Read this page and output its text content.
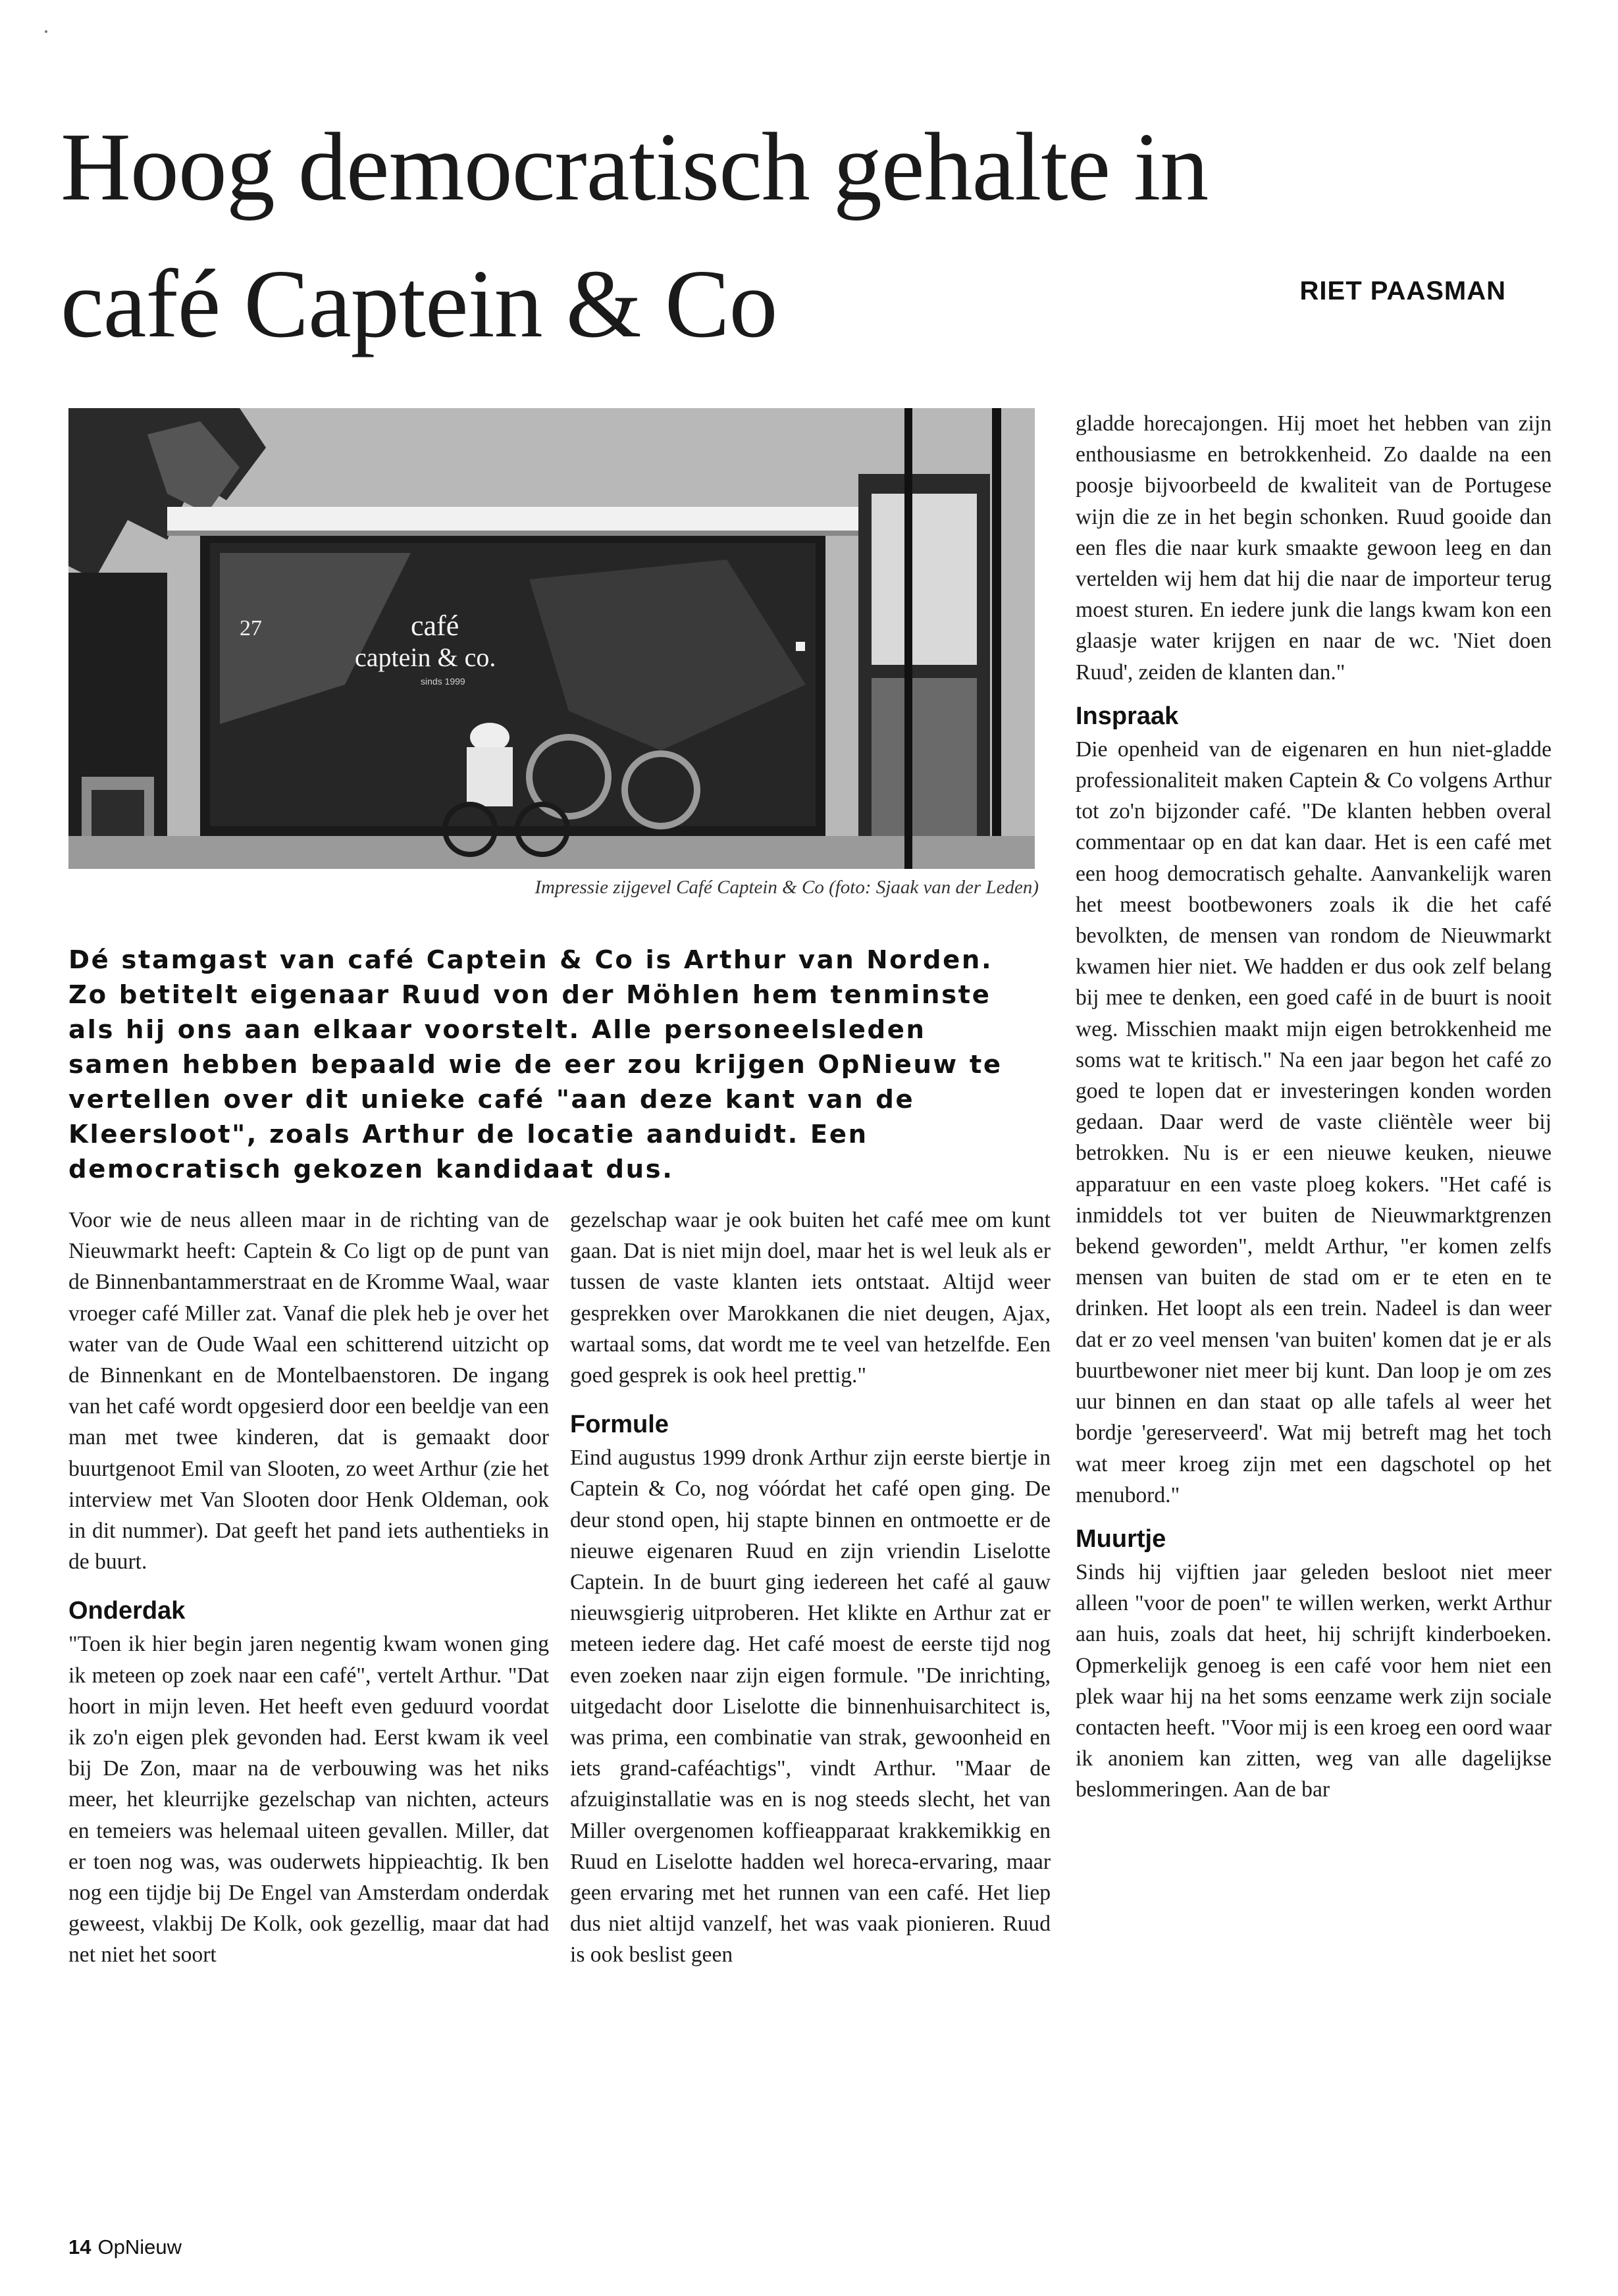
Hoog democratisch gehalte in
café Captein & Co	RIET PAASMAN
27	café
captein & co.
sinds 1999
Impressie zijgevel Café Captein & Co (foto: Sjaak van der Leden)

Dé stamgast van café Captein & Co is Arthur van Norden. Zo betitelt eigenaar Ruud von der Möhlen hem tenminste als hij ons aan elkaar voorstelt. Alle personeelsleden samen hebben bepaald wie de eer zou krijgen OpNieuw te vertellen over dit unieke café "aan deze kant van de Kleersloot", zoals Arthur de locatie aanduidt. Een democratisch gekozen kandidaat dus.

Voor wie de neus alleen maar in de richting van de Nieuwmarkt heeft: Captein & Co ligt op de punt van de Binnenbantammerstraat en de Kromme Waal, waar vroeger café Miller zat. Vanaf die plek heb je over het water van de Oude Waal een schitterend uitzicht op de Binnenkant en de Montelbaenstoren. De ingang van het café wordt opgesierd door een beeldje van een man met twee kinderen, dat is gemaakt door buurtgenoot Emil van Slooten, zo weet Arthur (zie het interview met Van Slooten door Henk Oldeman, ook in dit nummer). Dat geeft het pand iets authentieks in de buurt.

Onderdak

"Toen ik hier begin jaren negentig kwam wonen ging ik meteen op zoek naar een café", vertelt Arthur. "Dat hoort in mijn leven. Het heeft even geduurd voordat ik zo'n eigen plek gevonden had. Eerst kwam ik veel bij De Zon, maar na de verbouwing was het niks meer, het kleurrijke gezelschap van nichten, acteurs en temeiers was helemaal uiteen gevallen. Miller, dat er toen nog was, was ouderwets hippieachtig. Ik ben nog een tijdje bij De Engel van Amsterdam onderdak geweest, vlakbij De Kolk, ook gezellig, maar dat had net niet het soort

gezelschap waar je ook buiten het café mee om kunt gaan. Dat is niet mijn doel, maar het is wel leuk als er tussen de vaste klanten iets ontstaat. Altijd weer gesprekken over Marokkanen die niet deugen, Ajax, wartaal soms, dat wordt me te veel van hetzelfde. Een goed gesprek is ook heel prettig."

Formule

Eind augustus 1999 dronk Arthur zijn eerste biertje in Captein & Co, nog vóórdat het café open ging. De deur stond open, hij stapte binnen en ontmoette er de nieuwe eigenaren Ruud en zijn vriendin Liselotte Captein. In de buurt ging iedereen het café al gauw nieuwsgierig uitproberen. Het klikte en Arthur zat er meteen iedere dag. Het café moest de eerste tijd nog even zoeken naar zijn eigen formule. "De inrichting, uitgedacht door Liselotte die binnenhuisarchitect is, was prima, een combinatie van strak, gewoonheid en iets grand-caféachtigs", vindt Arthur. "Maar de afzuiginstallatie was en is nog steeds slecht, het van Miller overgenomen koffieapparaat krakkemikkig en Ruud en Liselotte hadden wel horeca-ervaring, maar geen ervaring met het runnen van een café. Het liep dus niet altijd vanzelf, het was vaak pionieren. Ruud is ook beslist geen

gladde horecajongen. Hij moet het hebben van zijn enthousiasme en betrokkenheid. Zo daalde na een poosje bijvoorbeeld de kwaliteit van de Portugese wijn die ze in het begin schonken. Ruud gooide dan een fles die naar kurk smaakte gewoon leeg en dan vertelden wij hem dat hij die naar de importeur terug moest sturen. En iedere junk die langs kwam kon een glaasje water krijgen en naar de wc. 'Niet doen Ruud', zeiden de klanten dan."

Inspraak

Die openheid van de eigenaren en hun niet-gladde professionaliteit maken Captein & Co volgens Arthur tot zo'n bijzonder café. "De klanten hebben overal commentaar op en dat kan daar. Het is een café met een hoog democratisch gehalte. Aanvankelijk waren het meest bootbewoners zoals ik die het café bevolkten, de mensen van rondom de Nieuwmarkt kwamen hier niet. We hadden er dus ook zelf belang bij mee te denken, een goed café in de buurt is nooit weg. Misschien maakt mijn eigen betrokkenheid me soms wat te kritisch." Na een jaar begon het café zo goed te lopen dat er investeringen konden worden gedaan. Daar werd de vaste cliëntèle weer bij betrokken. Nu is er een nieuwe keuken, nieuwe apparatuur en een vaste ploeg kokers. "Het café is inmiddels tot ver buiten de Nieuwmarktgrenzen bekend geworden", meldt Arthur, "er komen zelfs mensen van buiten de stad om er te eten en te drinken. Het loopt als een trein. Nadeel is dan weer dat er zo veel mensen 'van buiten' komen dat je er als buurtbewoner niet meer bij kunt. Dan loop je om zes uur binnen en dan staat op alle tafels al weer het bordje 'gereserveerd'. Wat mij betreft mag het toch wat meer kroeg zijn met een dagschotel op het menubord."

Muurtje

Sinds hij vijftien jaar geleden besloot niet meer alleen "voor de poen" te willen werken, werkt Arthur aan huis, zoals dat heet, hij schrijft kinderboeken. Opmerkelijk genoeg is een café voor hem niet een plek waar hij na het soms eenzame werk zijn sociale contacten heeft. "Voor mij is een kroeg een oord waar ik anoniem kan zitten, weg van alle dagelijkse beslommeringen. Aan de bar

14 OpNieuw
